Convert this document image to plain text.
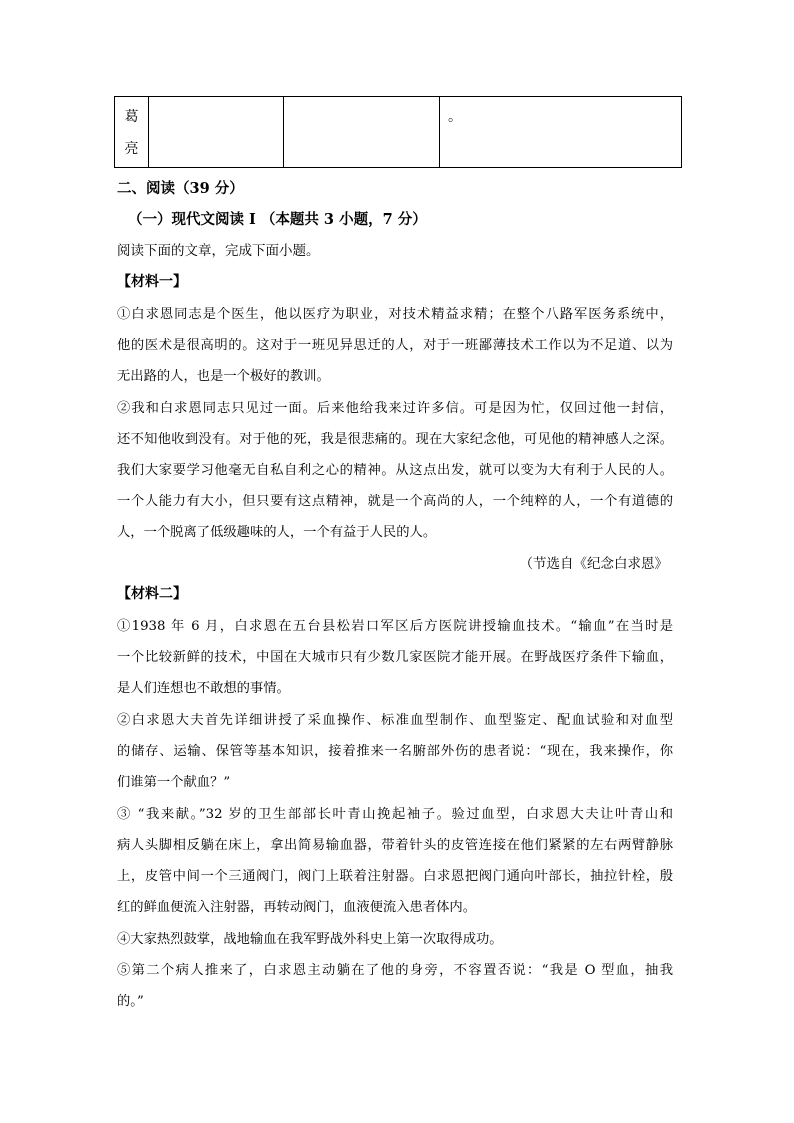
葛
亮
			。
二、阅读（39 分）
（一）现代文阅读 I （本题共 3 小题，7 分）
阅读下面的文章，完成下面小题。
【材料一】
①白求恩同志是个医生，他以医疗为职业，对技术精益求精；在整个八路军医务系统中，
他的医术是很高明的。这对于一班见异思迁的人，对于一班鄙薄技术工作以为不足道、以为
无出路的人，也是一个极好的教训。
②我和白求恩同志只见过一面。后来他给我来过许多信。可是因为忙，仅回过他一封信，
还不知他收到没有。对于他的死，我是很悲痛的。现在大家纪念他，可见他的精神感人之深。
我们大家要学习他毫无自私自利之心的精神。从这点出发，就可以变为大有利于人民的人。
一个人能力有大小，但只要有这点精神，就是一个高尚的人，一个纯粹的人，一个有道德的
人，一个脱离了低级趣味的人，一个有益于人民的人。
（节选自《纪念白求恩》
【材料二】
①1938 年 6 月，白求恩在五台县松岩口军区后方医院讲授输血技术。“输血”在当时是
一个比较新鲜的技术，中国在大城市只有少数几家医院才能开展。在野战医疗条件下输血，
是人们连想也不敢想的事情。
②白求恩大夫首先详细讲授了采血操作、标准血型制作、血型鉴定、配血试验和对血型
的储存、运输、保管等基本知识，接着推来一名腑部外伤的患者说：“现在，我来操作，你
们谁第一个献血？”
③ “我来献。”32 岁的卫生部部长叶青山挽起袖子。验过血型，白求恩大夫让叶青山和
病人头脚相反躺在床上，拿出简易输血器，带着针头的皮管连接在他们紧紧的左右两臂静脉
上，皮管中间一个三通阀门，阀门上联着注射器。白求恩把阀门通向叶部长，抽拉针栓，殷
红的鲜血便流入注射器，再转动阀门，血液便流入患者体内。
④大家热烈鼓掌，战地输血在我军野战外科史上第一次取得成功。
⑤第二个病人推来了，白求恩主动躺在了他的身旁，不容置否说：“我是 O 型血，抽我
的。”
